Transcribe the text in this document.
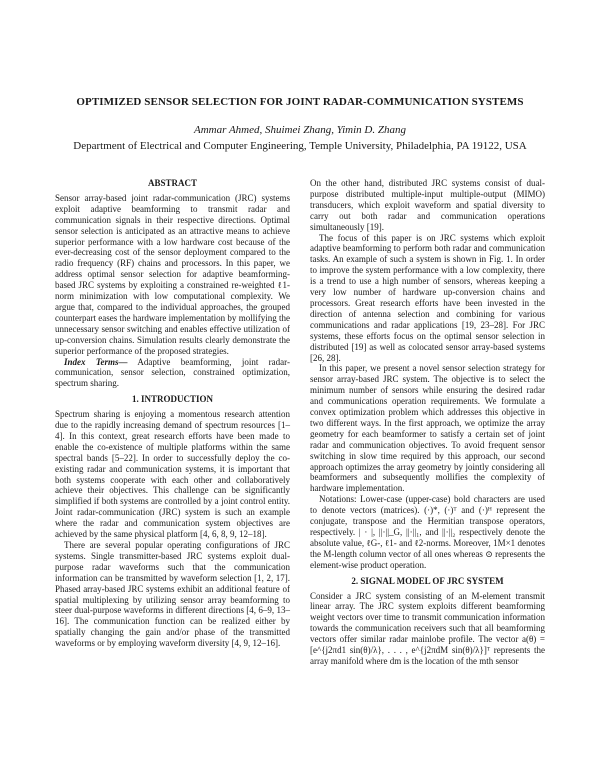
OPTIMIZED SENSOR SELECTION FOR JOINT RADAR-COMMUNICATION SYSTEMS
Ammar Ahmed, Shuimei Zhang, Yimin D. Zhang
Department of Electrical and Computer Engineering, Temple University, Philadelphia, PA 19122, USA
ABSTRACT

Sensor array-based joint radar-communication (JRC) systems exploit adaptive beamforming to transmit radar and communication signals in their respective directions. Optimal sensor selection is anticipated as an attractive means to achieve superior performance with a low hardware cost because of the ever-decreasing cost of the sensor deployment compared to the radio frequency (RF) chains and processors. In this paper, we address optimal sensor selection for adaptive beamforming-based JRC systems by exploiting a constrained re-weighted ℓ1-norm minimization with low computational complexity. We argue that, compared to the individual approaches, the grouped counterpart eases the hardware implementation by mollifying the unnecessary sensor switching and enables effective utilization of up-conversion chains. Simulation results clearly demonstrate the superior performance of the proposed strategies.

Index Terms— Adaptive beamforming, joint radar-communication, sensor selection, constrained optimization, spectrum sharing.

1. INTRODUCTION

Spectrum sharing is enjoying a momentous research attention due to the rapidly increasing demand of spectrum resources [1–4]. In this context, great research efforts have been made to enable the co-existence of multiple platforms within the same spectral bands [5–22]. In order to successfully deploy the co-existing radar and communication systems, it is important that both systems cooperate with each other and collaboratively achieve their objectives. This challenge can be significantly simplified if both systems are controlled by a joint control entity. Joint radar-communication (JRC) system is such an example where the radar and communication system objectives are achieved by the same physical platform [4, 6, 8, 9, 12–18].

There are several popular operating configurations of JRC systems. Single transmitter-based JRC systems exploit dual-purpose radar waveforms such that the communication information can be transmitted by waveform selection [1, 2, 17]. Phased array-based JRC systems exhibit an additional feature of spatial multiplexing by utilizing sensor array beamforming to steer dual-purpose waveforms in different directions [4, 6–9, 13–16]. The communication function can be realized either by spatially changing the gain and/or phase of the transmitted waveforms or by employing waveform diversity [4, 9, 12–16].

On the other hand, distributed JRC systems consist of dual-purpose distributed multiple-input multiple-output (MIMO) transducers, which exploit waveform and spatial diversity to carry out both radar and communication operations simultaneously [19].

The focus of this paper is on JRC systems which exploit adaptive beamforming to perform both radar and communication tasks. An example of such a system is shown in Fig. 1. In order to improve the system performance with a low complexity, there is a trend to use a high number of sensors, whereas keeping a very low number of hardware up-conversion chains and processors. Great research efforts have been invested in the direction of antenna selection and combining for various communications and radar applications [19, 23–28]. For JRC systems, these efforts focus on the optimal sensor selection in distributed [19] as well as colocated sensor array-based systems [26, 28].

In this paper, we present a novel sensor selection strategy for sensor array-based JRC system. The objective is to select the minimum number of sensors while ensuring the desired radar and communications operation requirements. We formulate a convex optimization problem which addresses this objective in two different ways. In the first approach, we optimize the array geometry for each beamformer to satisfy a certain set of joint radar and communication objectives. To avoid frequent sensor switching in slow time required by this approach, our second approach optimizes the array geometry by jointly considering all beamformers and subsequently mollifies the complexity of hardware implementation.

Notations: Lower-case (upper-case) bold characters are used to denote vectors (matrices). (·)*, (·)ᵀ and (·)ᴴ represent the conjugate, transpose and the Hermitian transpose operators, respectively. | · |, ||·||_G, ||·||₁, and ||·||₂ respectively denote the absolute value, ℓG-, ℓ1- and ℓ2-norms. Moreover, 1M×1 denotes the M-length column vector of all ones whereas ⊙ represents the element-wise product operation.

2. SIGNAL MODEL OF JRC SYSTEM

Consider a JRC system consisting of an M-element transmit linear array. The JRC system exploits different beamforming weight vectors over time to transmit communication information towards the communication receivers such that all beamforming vectors offer similar radar mainlobe profile. The vector a(θ) = [e^{j2πd1 sin(θ)/λ}, . . . , e^{j2πdM sin(θ)/λ}]ᵀ represents the array manifold where dm is the location of the mth sensor
